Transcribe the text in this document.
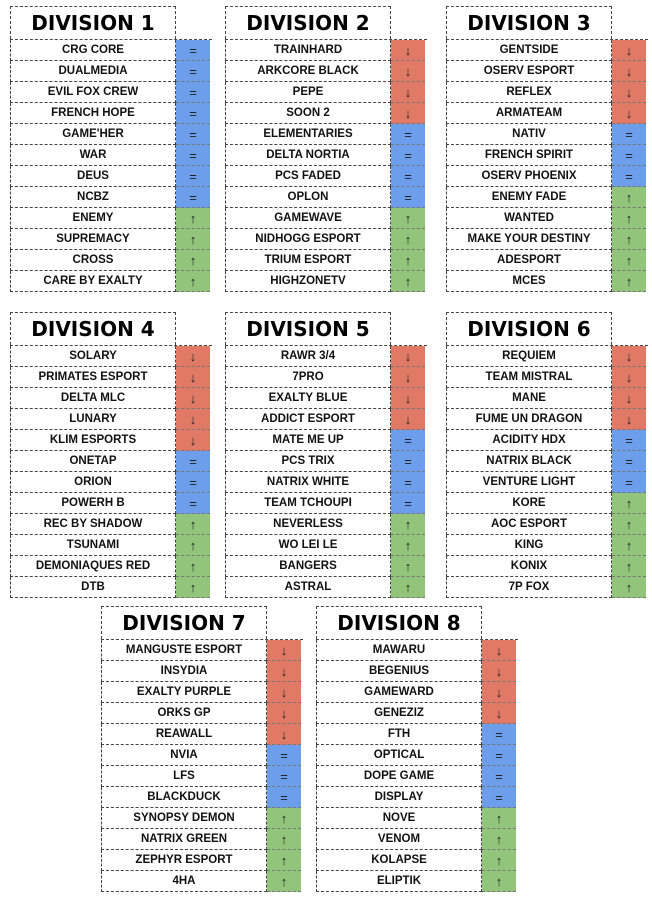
DIVISION 1
CRG CORE	=
DUALMEDIA	=
EVIL FOX CREW	=
FRENCH HOPE	=
GAME'HER	=
WAR	=
DEUS	=
NCBZ	=
ENEMY	↑
SUPREMACY	↑
CROSS	↑
CARE BY EXALTY	↑
DIVISION 2
TRAINHARD	↓
ARKCORE BLACK	↓
PEPE	↓
SOON 2	↓
ELEMENTARIES	=
DELTA NORTIA	=
PCS FADED	=
OPLON	=
GAMEWAVE	↑
NIDHOGG ESPORT	↑
TRIUM ESPORT	↑
HIGHZONETV	↑
DIVISION 3
GENTSIDE	↓
OSERV ESPORT	↓
REFLEX	↓
ARMATEAM	↓
NATIV	=
FRENCH SPIRIT	=
OSERV PHOENIX	=
ENEMY FADE	↑
WANTED	↑
MAKE YOUR DESTINY	↑
ADESPORT	↑
MCES	↑
DIVISION 4
SOLARY	↓
PRIMATES ESPORT	↓
DELTA MLC	↓
LUNARY	↓
KLIM ESPORTS	↓
ONETAP	=
ORION	=
POWERH B	=
REC BY SHADOW	↑
TSUNAMI	↑
DEMONIAQUES RED	↑
DTB	↑
DIVISION 5
RAWR 3/4	↓
7PRO	↓
EXALTY BLUE	↓
ADDICT ESPORT	↓
MATE ME UP	=
PCS TRIX	=
NATRIX WHITE	=
TEAM TCHOUPI	=
NEVERLESS	↑
WO LEI LE	↑
BANGERS	↑
ASTRAL	↑
DIVISION 6
REQUIEM	↓
TEAM MISTRAL	↓
MANE	↓
FUME UN DRAGON	↓
ACIDITY HDX	=
NATRIX BLACK	=
VENTURE LIGHT	=
KORE	↑
AOC ESPORT	↑
KING	↑
KONIX	↑
7P FOX	↑
DIVISION 7
MANGUSTE ESPORT	↓
INSYDIA	↓
EXALTY PURPLE	↓
ORKS GP	↓
REAWALL	↓
NVIA	=
LFS	=
BLACKDUCK	=
SYNOPSY DEMON	↑
NATRIX GREEN	↑
ZEPHYR ESPORT	↑
4HA	↑
DIVISION 8
MAWARU	↓
BEGENIUS	↓
GAMEWARD	↓
GENEZIZ	↓
FTH	=
OPTICAL	=
DOPE GAME	=
DISPLAY	=
NOVE	↑
VENOM	↑
KOLAPSE	↑
ELIPTIK	↑
